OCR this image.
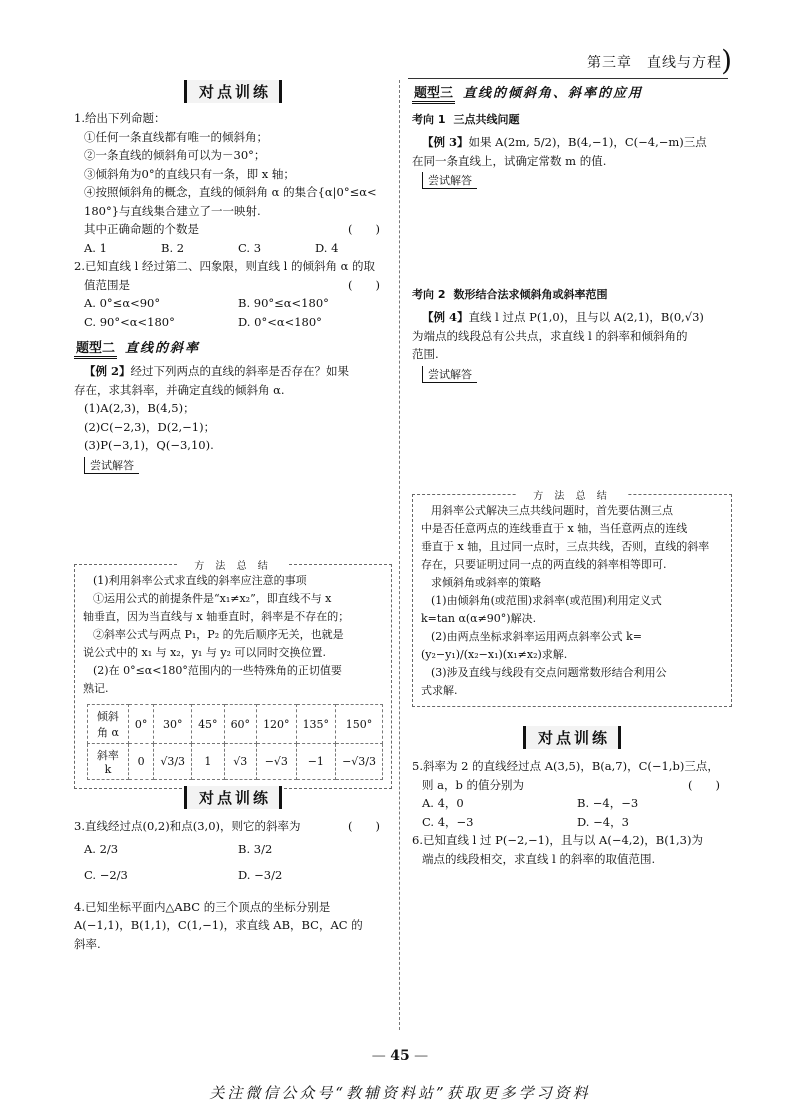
第三章　直线与方程 )
对点训练
1.给出下列命题：
①任何一条直线都有唯一的倾斜角；
②一条直线的倾斜角可以为－30°；
③倾斜角为0°的直线只有一条，即 x 轴；
④按照倾斜角的概念，直线的倾斜角 α 的集合{α|0°≤α<
180°}与直线集合建立了一一映射.
其中正确命题的个数是	(　　)
A. 1	B. 2	C. 3	D. 4
2.已知直线 l 经过第二、四象限，则直线 l 的倾斜角 α 的取
值范围是	(　　)
A. 0°≤α<90°	B. 90°≤α<180°
C. 90°<α<180°	D. 0°<α<180°
题型二 直线的斜率
【例 2】经过下列两点的直线的斜率是否存在？如果
存在，求其斜率，并确定直线的倾斜角 α.
(1)A(2,3)，B(4,5)；
(2)C(−2,3)，D(2,−1)；
(3)P(−3,1)，Q(−3,10).
尝试解答
方 法 总 结

(1)利用斜率公式求直线的斜率应注意的事项

①运用公式的前提条件是“x₁≠x₂”，即直线不与 x

轴垂直，因为当直线与 x 轴垂直时，斜率是不存在的；

②斜率公式与两点 P₁，P₂ 的先后顺序无关，也就是

说公式中的 x₁ 与 x₂，y₁ 与 y₂ 可以同时交换位置.

(2)在 0°≤α<180°范围内的一些特殊角的正切值要

熟记.

倾斜角 α	0°	30°	45°	60°	120°	135°	150°
斜率 k	0	√3/3	1	√3	−√3	−1	−√3/3
对点训练
3.直线经过点(0,2)和点(3,0)，则它的斜率为	(　　)
A. 2/3	B. 3/2
C. −2/3	D. −3/2
4.已知坐标平面内△ABC 的三个顶点的坐标分别是
A(−1,1)，B(1,1)，C(1,−1)，求直线 AB，BC，AC 的
斜率.
题型三 直线的倾斜角、斜率的应用
考向 1 三点共线问题
【例 3】如果 A(2m, 5/2)，B(4,−1)，C(−4,−m)三点
在同一条直线上，试确定常数 m 的值.
尝试解答
考向 2 数形结合法求倾斜角或斜率范围
【例 4】直线 l 过点 P(1,0)，且与以 A(2,1)，B(0,√3)
为端点的线段总有公共点，求直线 l 的斜率和倾斜角的
范围.
尝试解答
方 法 总 结

用斜率公式解决三点共线问题时，首先要估测三点

中是否任意两点的连线垂直于 x 轴，当任意两点的连线

垂直于 x 轴，且过同一点时，三点共线，否则，直线的斜率

存在，只要证明过同一点的两直线的斜率相等即可.

求倾斜角或斜率的策略

(1)由倾斜角(或范围)求斜率(或范围)利用定义式

k=tan α(α≠90°)解决.

(2)由两点坐标求斜率运用两点斜率公式 k=

(y₂−y₁)/(x₂−x₁)(x₁≠x₂)求解.

(3)涉及直线与线段有交点问题常数形结合利用公

式求解.

对点训练
5.斜率为 2 的直线经过点 A(3,5)，B(a,7)，C(−1,b)三点，
则 a，b 的值分别为	(　　)
A. 4，0	B. −4，−3
C. 4，−3	D. −4，3
6.已知直线 l 过 P(−2,−1)，且与以 A(−4,2)，B(1,3)为
端点的线段相交，求直线 l 的斜率的取值范围.
— 45 —
关注微信公众号“教辅资料站”获取更多学习资料
